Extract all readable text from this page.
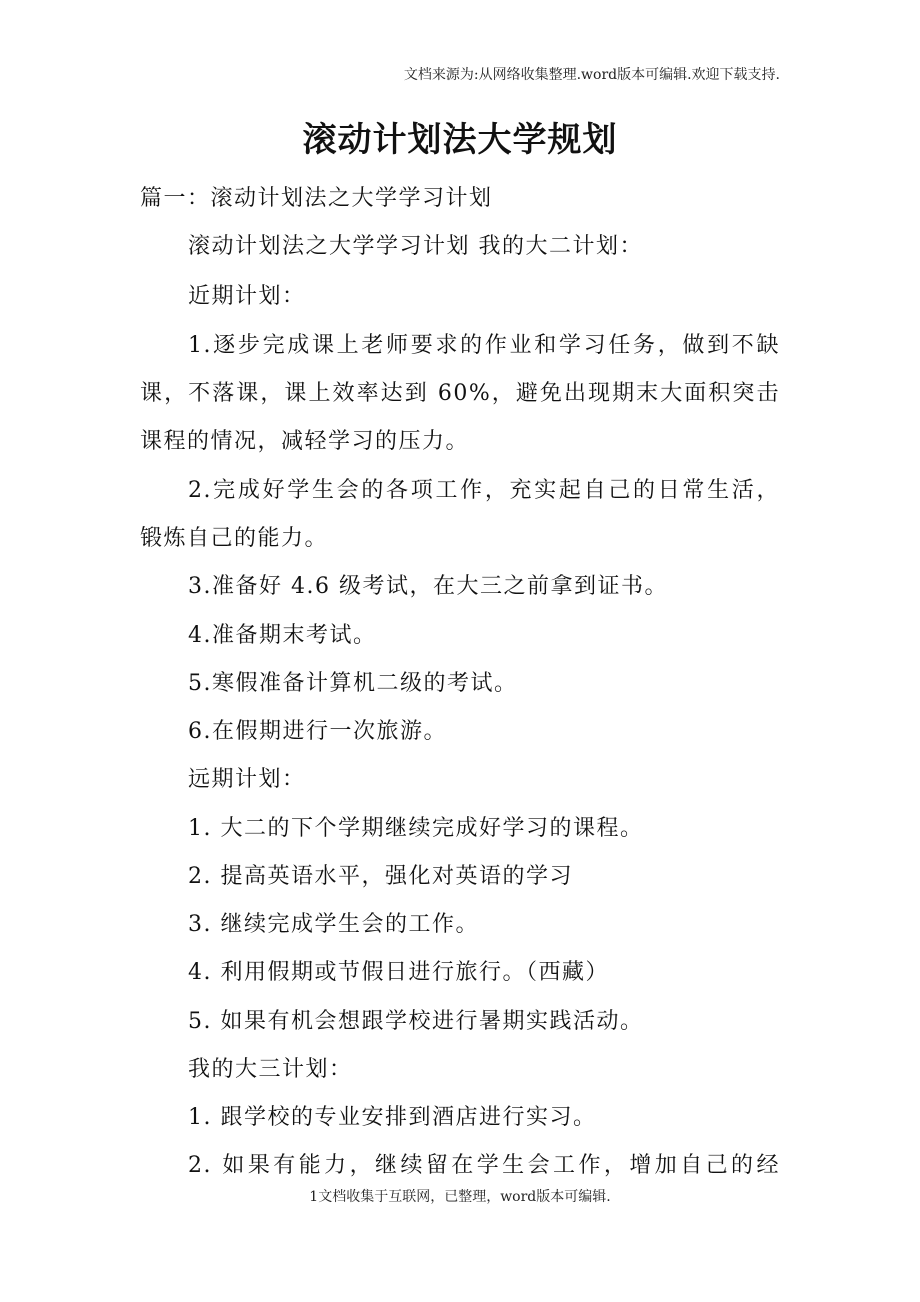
文档来源为:从网络收集整理.word版本可编辑.欢迎下载支持.
滚动计划法大学规划
篇一：滚动计划法之大学学习计划
滚动计划法之大学学习计划 我的大二计划：
近期计划：
1.逐步完成课上老师要求的作业和学习任务，做到不缺
课，不落课，课上效率达到 60%，避免出现期末大面积突击
课程的情况，减轻学习的压力。
2.完成好学生会的各项工作，充实起自己的日常生活，
锻炼自己的能力。
3.准备好 4.6 级考试，在大三之前拿到证书。
4.准备期末考试。
5.寒假准备计算机二级的考试。
6.在假期进行一次旅游。
远期计划：
1. 大二的下个学期继续完成好学习的课程。
2. 提高英语水平，强化对英语的学习
3. 继续完成学生会的工作。
4. 利用假期或节假日进行旅行。（西藏）
5. 如果有机会想跟学校进行暑期实践活动。
我的大三计划：
1. 跟学校的专业安排到酒店进行实习。
2. 如果有能力，继续留在学生会工作，增加自己的经
1文档收集于互联网，已整理，word版本可编辑.
